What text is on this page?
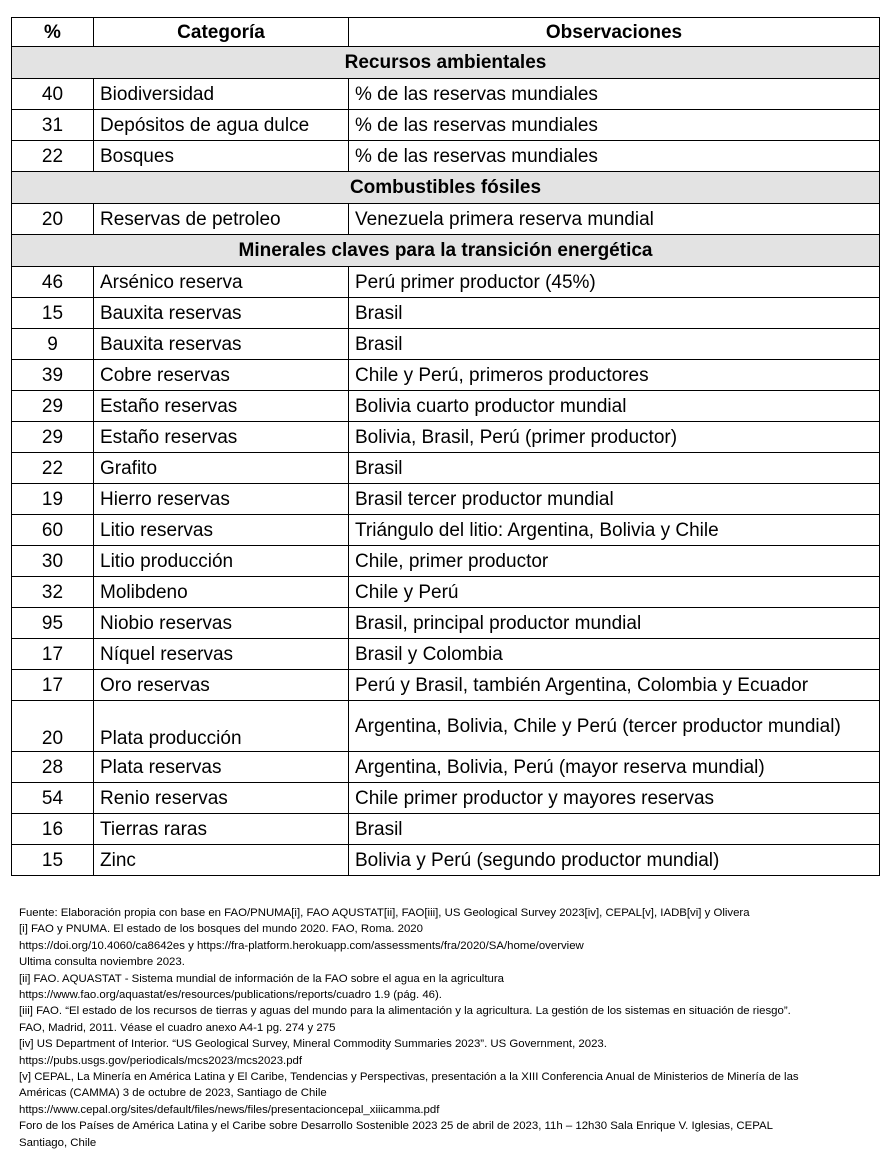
%	Categoría	Observaciones
Recursos ambientales		
40	Biodiversidad	% de las reservas mundiales
31	Depósitos de agua dulce	% de las reservas mundiales
22	Bosques	% de las reservas mundiales
Combustibles fósiles		
20	Reservas de petroleo	Venezuela primera reserva mundial
Minerales claves para la transición energética		
46	Arsénico reserva	Perú primer productor (45%)
15	Bauxita reservas	Brasil
9	Bauxita reservas	Brasil
39	Cobre reservas	Chile y Perú, primeros productores
29	Estaño reservas	Bolivia cuarto productor mundial
29	Estaño reservas	Bolivia, Brasil, Perú (primer productor)
22	Grafito	Brasil
19	Hierro reservas	Brasil tercer productor mundial
60	Litio reservas	Triángulo del litio: Argentina, Bolivia y Chile
30	Litio producción	Chile, primer productor
32	Molibdeno	Chile y Perú
95	Niobio reservas	Brasil, principal productor mundial
17	Níquel reservas	Brasil y Colombia
17	Oro reservas	Perú y Brasil, también Argentina, Colombia y Ecuador
20	Plata producción	Argentina, Bolivia, Chile y Perú (tercer productor mundial)
28	Plata reservas	Argentina, Bolivia, Perú (mayor reserva mundial)
54	Renio reservas	Chile primer productor y mayores reservas
16	Tierras raras	Brasil
15	Zinc	Bolivia y Perú (segundo productor mundial)

Fuente: Elaboración propia con base en FAO/PNUMA[i], FAO AQUSTAT[ii], FAO[iii], US Geological Survey 2023[iv], CEPAL[v], IADB[vi] y Olivera

[i] FAO y PNUMA. El estado de los bosques del mundo 2020. FAO, Roma. 2020

https://doi.org/10.4060/ca8642es y https://fra-platform.herokuapp.com/assessments/fra/2020/SA/home/overview

Ultima consulta noviembre 2023.

[ii] FAO. AQUASTAT - Sistema mundial de información de la FAO sobre el agua en la agricultura

https://www.fao.org/aquastat/es/resources/publications/reports/cuadro 1.9 (pág. 46).

[iii] FAO. “El estado de los recursos de tierras y aguas del mundo para la alimentación y la agricultura. La gestión de los sistemas en situación de riesgo”.

FAO, Madrid, 2011. Véase el cuadro anexo A4-1 pg. 274 y 275

[iv] US Department of Interior. “US Geological Survey, Mineral Commodity Summaries 2023”. US Government, 2023.

https://pubs.usgs.gov/periodicals/mcs2023/mcs2023.pdf

[v] CEPAL, La Minería en América Latina y El Caribe, Tendencias y Perspectivas, presentación a la XIII Conferencia Anual de Ministerios de Minería de las

Américas (CAMMA) 3 de octubre de 2023, Santiago de Chile

https://www.cepal.org/sites/default/files/news/files/presentacioncepal_xiiicamma.pdf

Foro de los Países de América Latina y el Caribe sobre Desarrollo Sostenible 2023 25 de abril de 2023, 11h – 12h30 Sala Enrique V. Iglesias, CEPAL

Santiago, Chile
